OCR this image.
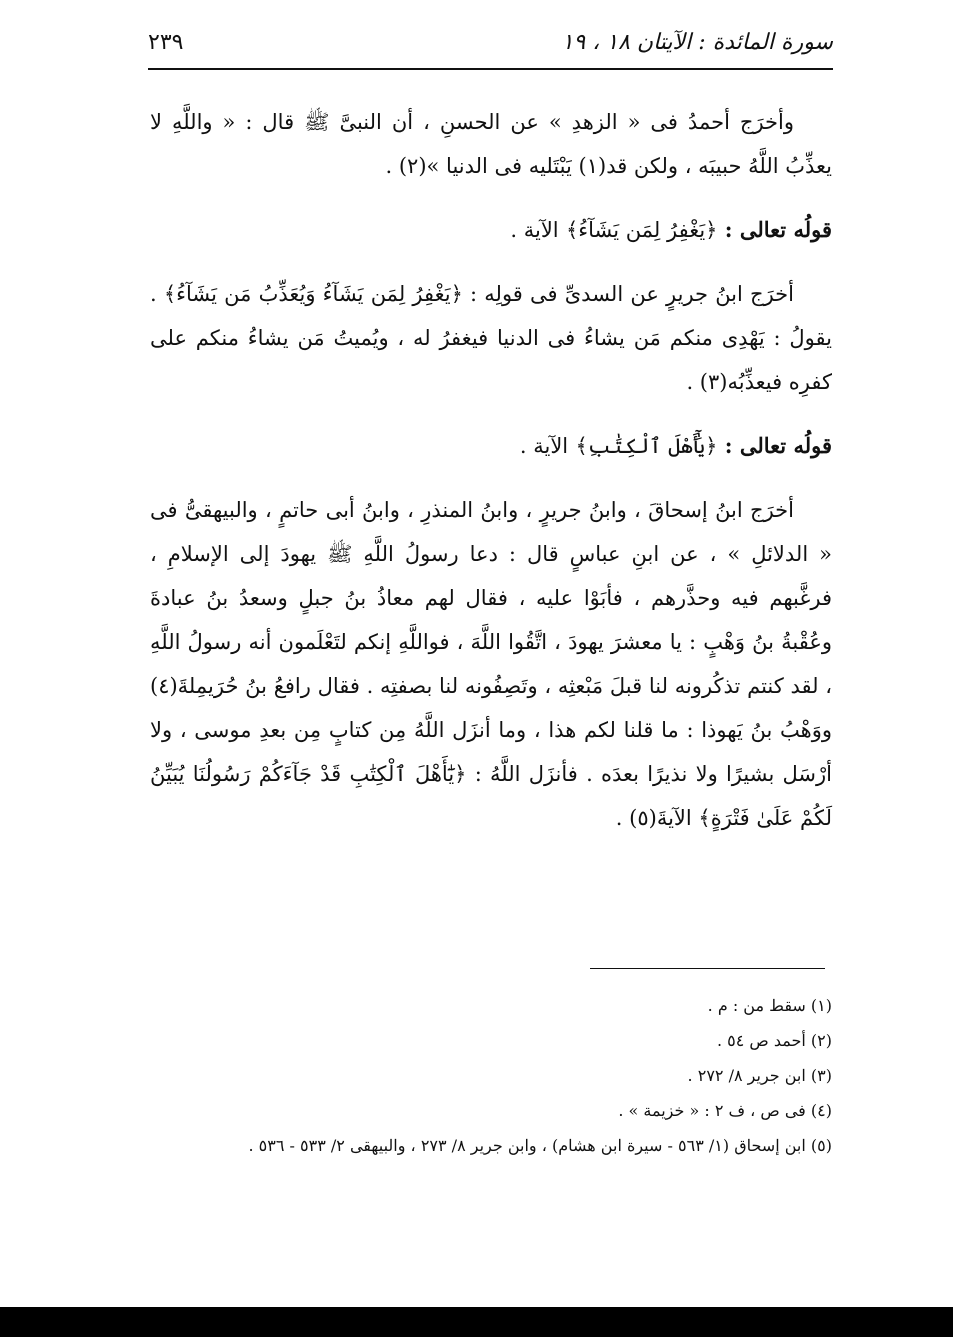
سورة المائدة : الآيتان ١٨ ، ١٩
٢٣٩

وأخرَج أحمدُ فى « الزهدِ » عن الحسنِ ، أن النبىَّ ﷺ قال : « واللَّهِ لا يعذِّبُ اللَّهُ حبيبَه ، ولكن قد(١) يَبْتَليه فى الدنيا »(٢) .

قولُه تعالى : ﴿يَغْفِرُ لِمَن يَشَآءُ﴾ الآية .

أخرَج ابنُ جريرٍ عن السدىِّ فى قولِه : ﴿يَغْفِرُ لِمَن يَشَآءُ وَيُعَذِّبُ مَن يَشَآءُ﴾ . يقولُ : يَهْدِى منكم مَن يشاءُ فى الدنيا فيغفرُ له ، ويُميتُ مَن يشاءُ منكم على كفرِه فيعذِّبُه(٣) .

قولُه تعالى : ﴿يَٰٓأَهْلَ ٱلْكِتَٰبِ﴾ الآية .

أخرَج ابنُ إسحاقَ ، وابنُ جريرٍ ، وابنُ المنذرِ ، وابنُ أبى حاتمٍ ، والبيهقىُّ فى « الدلائلِ » ، عن ابنِ عباسٍ قال : دعا رسولُ اللَّهِ ﷺ يهودَ إلى الإسلامِ ، فرغَّبهم فيه وحذَّرهم ، فأبَوْا عليه ، فقال لهم معاذُ بنُ جبلٍ وسعدُ بنُ عبادةَ وعُقْبةُ بنُ وَهْبٍ : يا معشرَ يهودَ ، اتَّقُوا اللَّهَ ، فواللَّهِ إنكم لتَعْلَمون أنه رسولُ اللَّهِ ، لقد كنتم تذكُرونه لنا قبلَ مَبْعثِه ، وتَصِفُونه لنا بصفتِه . فقال رافعُ بنُ حُرَيمِلةَ(٤) ووَهْبُ بنُ يَهوذا : ما قلنا لكم هذا ، وما أنزَل اللَّهُ مِن كتابٍ مِن بعدِ موسى ، ولا أرْسَل بشيرًا ولا نذيرًا بعدَه . فأنزَل اللَّهُ : ﴿يَٰٓأَهْلَ ٱلْكِتَٰبِ قَدْ جَآءَكُمْ رَسُولُنَا يُبَيِّنُ لَكُمْ عَلَىٰ فَتْرَةٍ﴾ الآيةَ(٥) .

(١) سقط من : م .

(٢) أحمد ص ٥٤ .

(٣) ابن جرير ٨/ ٢٧٢ .

(٤) فى ص ، ف ٢ : « خزيمة » .

(٥) ابن إسحاق (١/ ٥٦٣ - سيرة ابن هشام) ، وابن جرير ٨/ ٢٧٣ ، والبيهقى ٢/ ٥٣٣ - ٥٣٦ .
